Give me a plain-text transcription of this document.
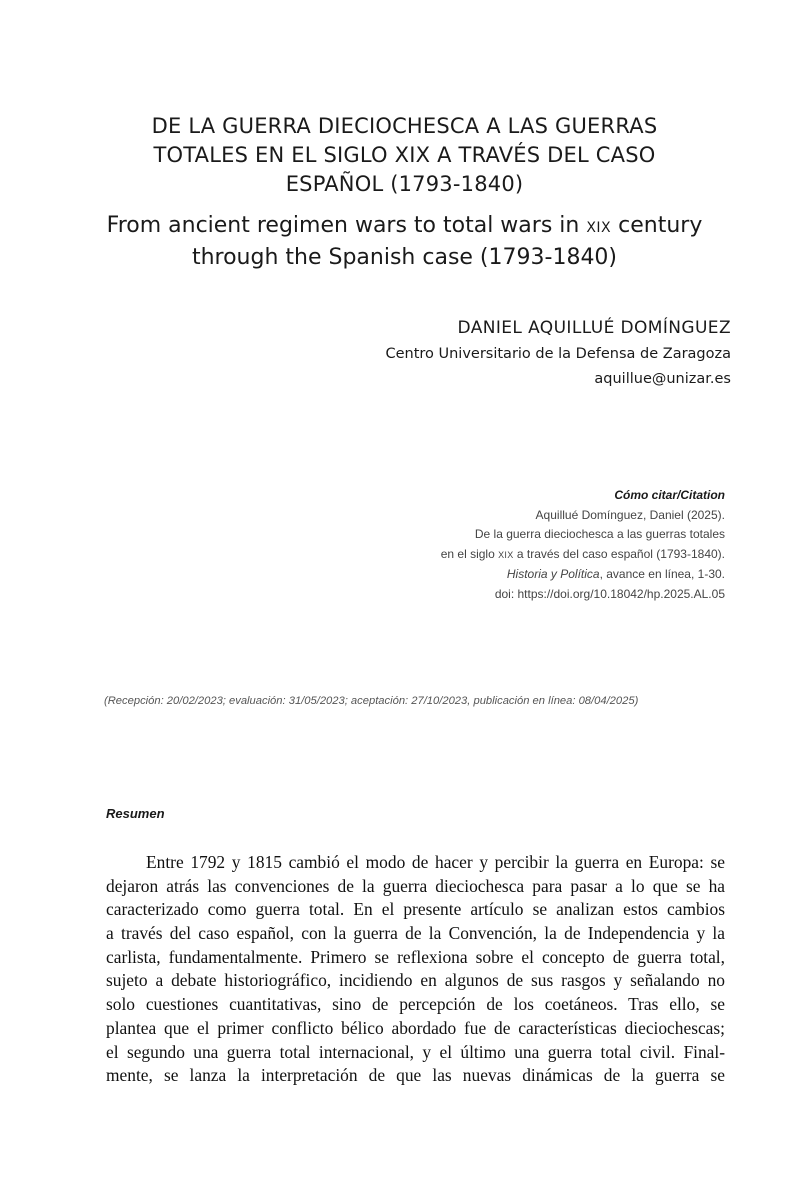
DE LA GUERRA DIECIOCHESCA A LAS GUERRAS
TOTALES EN EL SIGLO XIX A TRAVÉS DEL CASO
ESPAÑOL (1793-1840)
From ancient regimen wars to total wars in XIX century
through the Spanish case (1793-1840)
DANIEL AQUILLUÉ DOMÍNGUEZ
Centro Universitario de la Defensa de Zaragoza
aquillue@unizar.es
Cómo citar/Citation
Aquillué Domínguez, Daniel (2025).
De la guerra dieciochesca a las guerras totales
en el siglo XIX a través del caso español (1793-1840).
Historia y Política, avance en línea, 1-30.
doi: https://doi.org/10.18042/hp.2025.AL.05
(Recepción: 20/02/2023; evaluación: 31/05/2023; aceptación: 27/10/2023, publicación en línea: 08/04/2025)
Resumen
Entre 1792 y 1815 cambió el modo de hacer y percibir la guerra en Europa: se
dejaron atrás las convenciones de la guerra dieciochesca para pasar a lo que se ha
caracterizado como guerra total. En el presente artículo se analizan estos cambios
a través del caso español, con la guerra de la Convención, la de Independencia y la
carlista, fundamentalmente. Primero se reflexiona sobre el concepto de guerra total,
sujeto a debate historiográfico, incidiendo en algunos de sus rasgos y señalando no
solo cuestiones cuantitativas, sino de percepción de los coetáneos. Tras ello, se
plantea que el primer conflicto bélico abordado fue de características dieciochescas;
el segundo una guerra total internacional, y el último una guerra total civil. Final-
mente, se lanza la interpretación de que las nuevas dinámicas de la guerra se
